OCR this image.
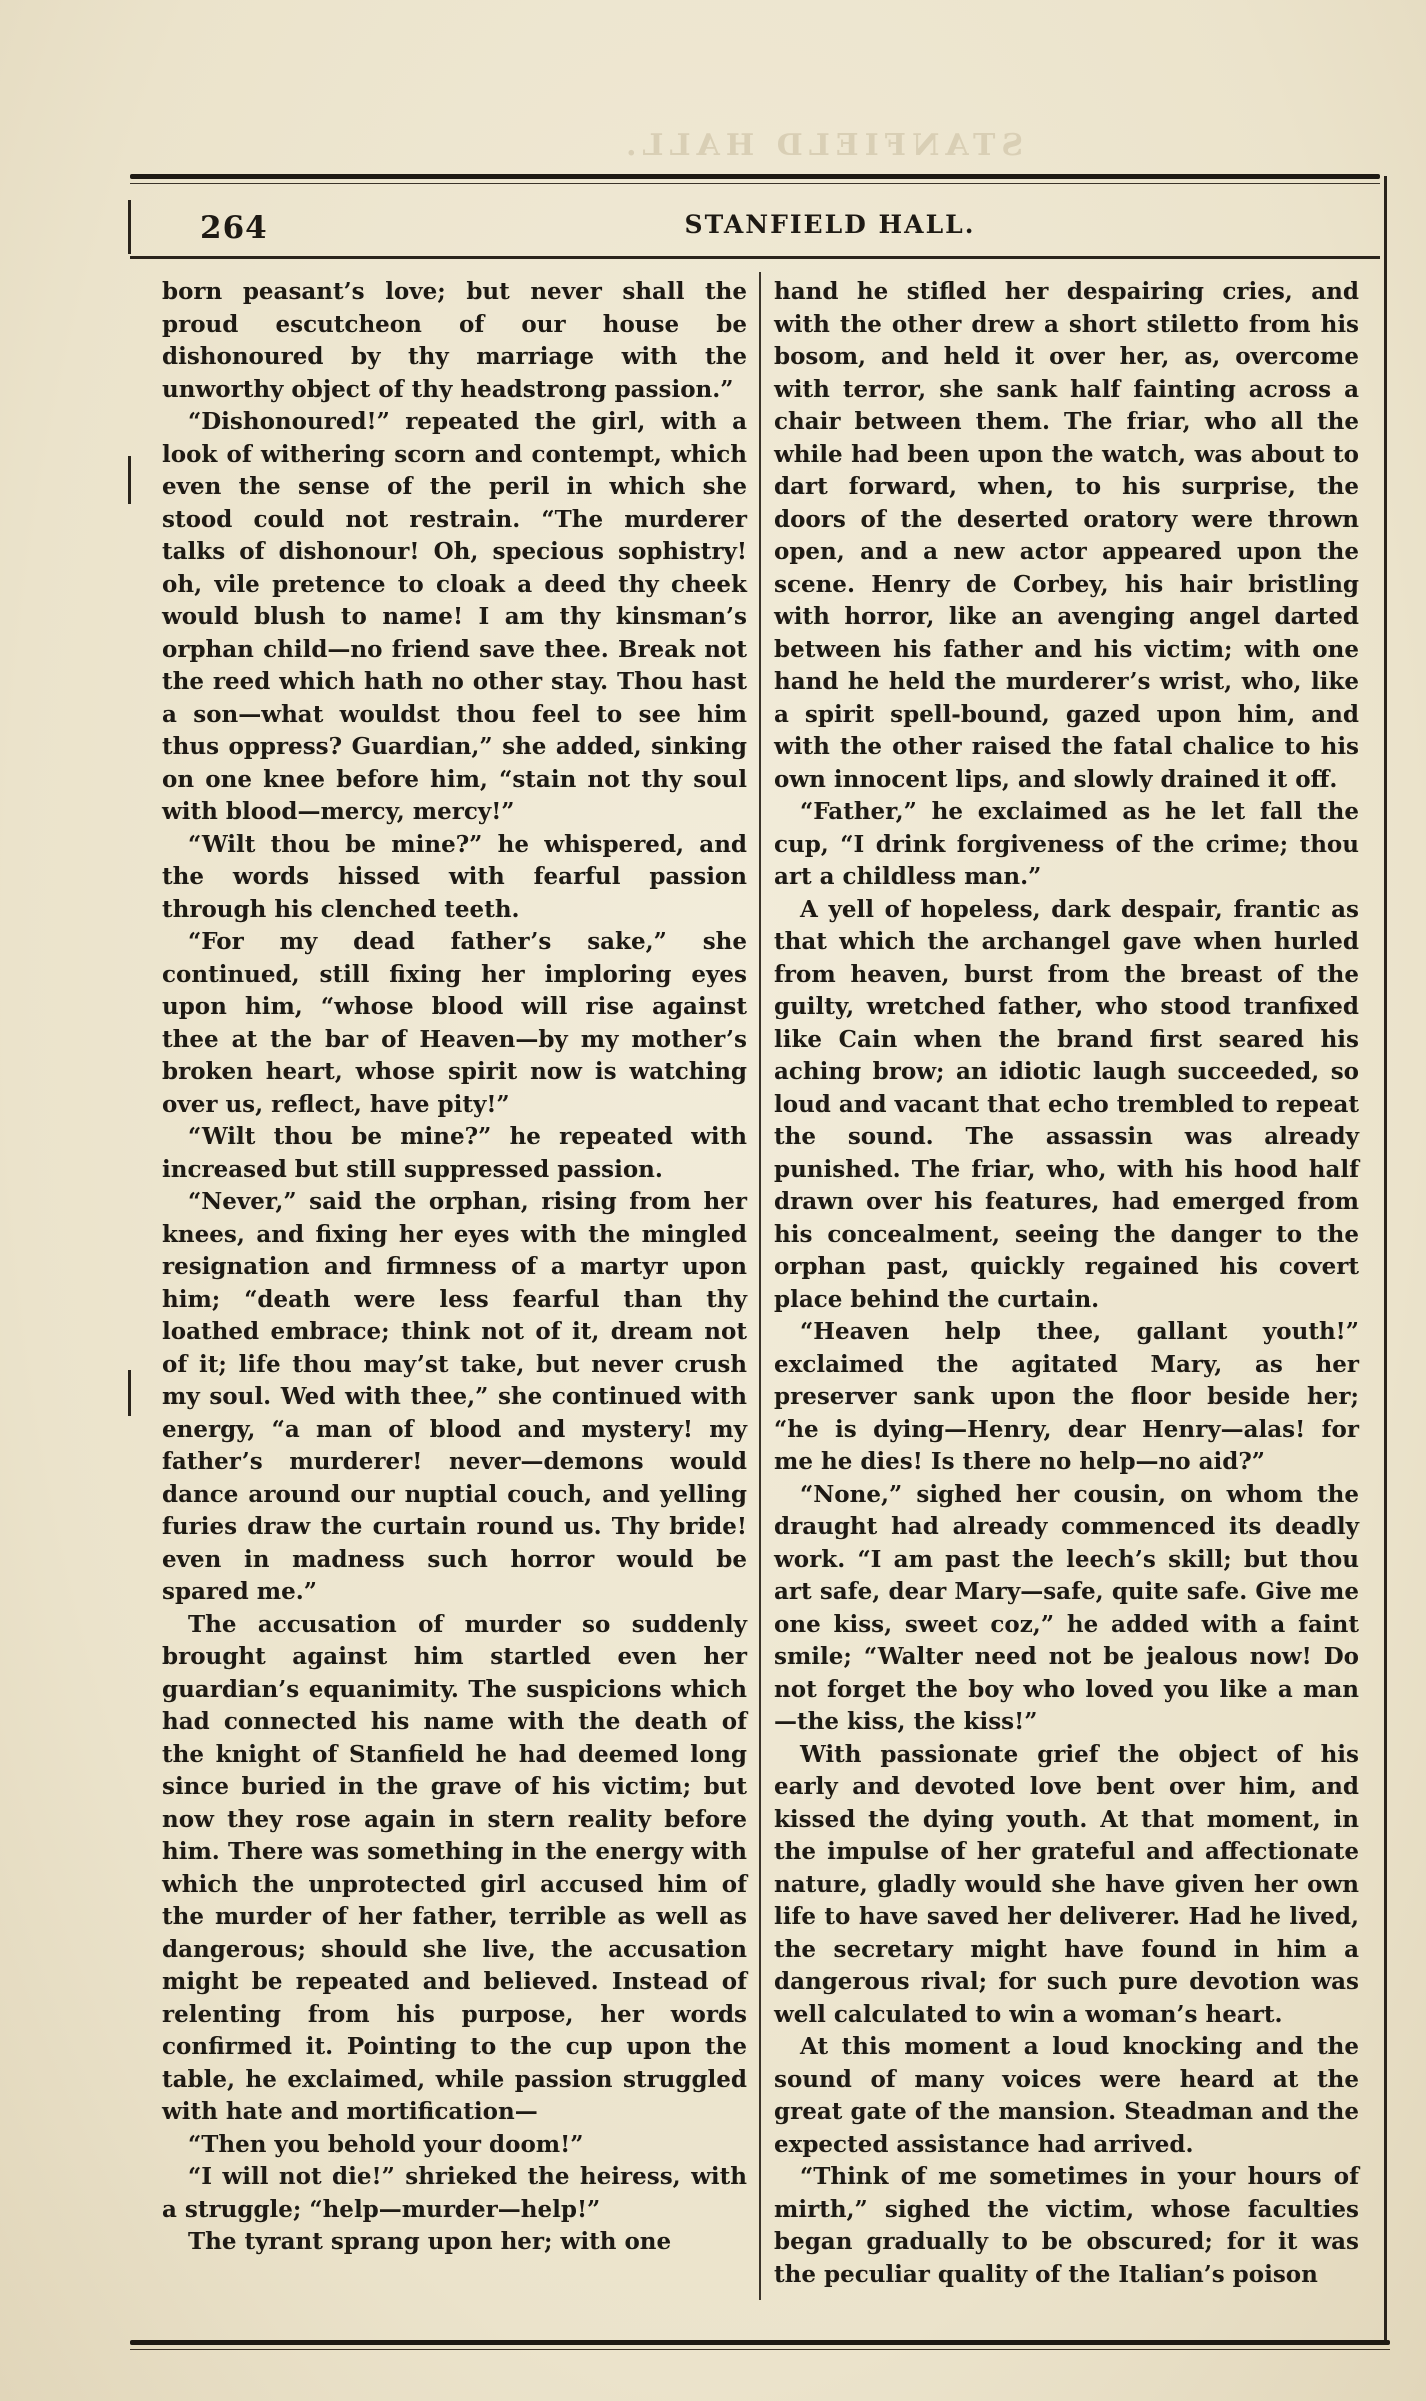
STANFIELD HALL.
264	STANFIELD HALL.

born peasant’s love; but never shall the proud escutcheon of our house be dishonoured by thy marriage with the unworthy object of thy headstrong passion.”

“Dishonoured!” repeated the girl, with a look of withering scorn and contempt, which even the sense of the peril in which she stood could not restrain. “The murderer talks of dishonour! Oh, specious sophistry! oh, vile pretence to cloak a deed thy cheek would blush to name! I am thy kinsman’s orphan child—no friend save thee. Break not the reed which hath no other stay. Thou hast a son—what wouldst thou feel to see him thus oppress? Guardian,” she added, sinking on one knee before him, “stain not thy soul with blood—mercy, mercy!”

“Wilt thou be mine?” he whispered, and the words hissed with fearful passion through his clenched teeth.

“For my dead father’s sake,” she continued, still fixing her imploring eyes upon him, “whose blood will rise against thee at the bar of Heaven—by my mother’s broken heart, whose spirit now is watching over us, reflect, have pity!”

“Wilt thou be mine?” he repeated with increased but still suppressed passion.

“Never,” said the orphan, rising from her knees, and fixing her eyes with the mingled resignation and firmness of a martyr upon him; “death were less fearful than thy loathed embrace; think not of it, dream not of it; life thou may’st take, but never crush my soul. Wed with thee,” she continued with energy, “a man of blood and mystery! my father’s murderer! never—demons would dance around our nuptial couch, and yelling furies draw the curtain round us. Thy bride! even in madness such horror would be spared me.”

The accusation of murder so suddenly brought against him startled even her guardian’s equanimity. The suspicions which had connected his name with the death of the knight of Stanfield he had deemed long since buried in the grave of his victim; but now they rose again in stern reality before him. There was something in the energy with which the unprotected girl accused him of the murder of her father, terrible as well as dangerous; should she live, the accusation might be repeated and believed. Instead of relenting from his purpose, her words confirmed it. Pointing to the cup upon the table, he exclaimed, while passion struggled with hate and mortification—

“Then you behold your doom!”

“I will not die!” shrieked the heiress, with a struggle; “help—murder—help!”

The tyrant sprang upon her; with one

hand he stifled her despairing cries, and with the other drew a short stiletto from his bosom, and held it over her, as, overcome with terror, she sank half fainting across a chair between them. The friar, who all the while had been upon the watch, was about to dart forward, when, to his surprise, the doors of the deserted oratory were thrown open, and a new actor appeared upon the scene. Henry de Corbey, his hair bristling with horror, like an avenging angel darted between his father and his victim; with one hand he held the murderer’s wrist, who, like a spirit spell-bound, gazed upon him, and with the other raised the fatal chalice to his own innocent lips, and slowly drained it off.

“Father,” he exclaimed as he let fall the cup, “I drink forgiveness of the crime; thou art a childless man.”

A yell of hopeless, dark despair, frantic as that which the archangel gave when hurled from heaven, burst from the breast of the guilty, wretched father, who stood tranfixed like Cain when the brand first seared his aching brow; an idiotic laugh succeeded, so loud and vacant that echo trembled to repeat the sound. The assassin was already punished. The friar, who, with his hood half drawn over his features, had emerged from his concealment, seeing the danger to the orphan past, quickly regained his covert place behind the curtain.

“Heaven help thee, gallant youth!” exclaimed the agitated Mary, as her preserver sank upon the floor beside her; “he is dying—Henry, dear Henry—alas! for me he dies! Is there no help—no aid?”

“None,” sighed her cousin, on whom the draught had already commenced its deadly work. “I am past the leech’s skill; but thou art safe, dear Mary—safe, quite safe. Give me one kiss, sweet coz,” he added with a faint smile; “Walter need not be jealous now! Do not forget the boy who loved you like a man—the kiss, the kiss!”

With passionate grief the object of his early and devoted love bent over him, and kissed the dying youth. At that moment, in the impulse of her grateful and affectionate nature, gladly would she have given her own life to have saved her deliverer. Had he lived, the secretary might have found in him a dangerous rival; for such pure devotion was well calculated to win a woman’s heart.

At this moment a loud knocking and the sound of many voices were heard at the great gate of the mansion. Steadman and the expected assistance had arrived.

“Think of me sometimes in your hours of mirth,” sighed the victim, whose faculties began gradually to be obscured; for it was the peculiar quality of the Italian’s poison
